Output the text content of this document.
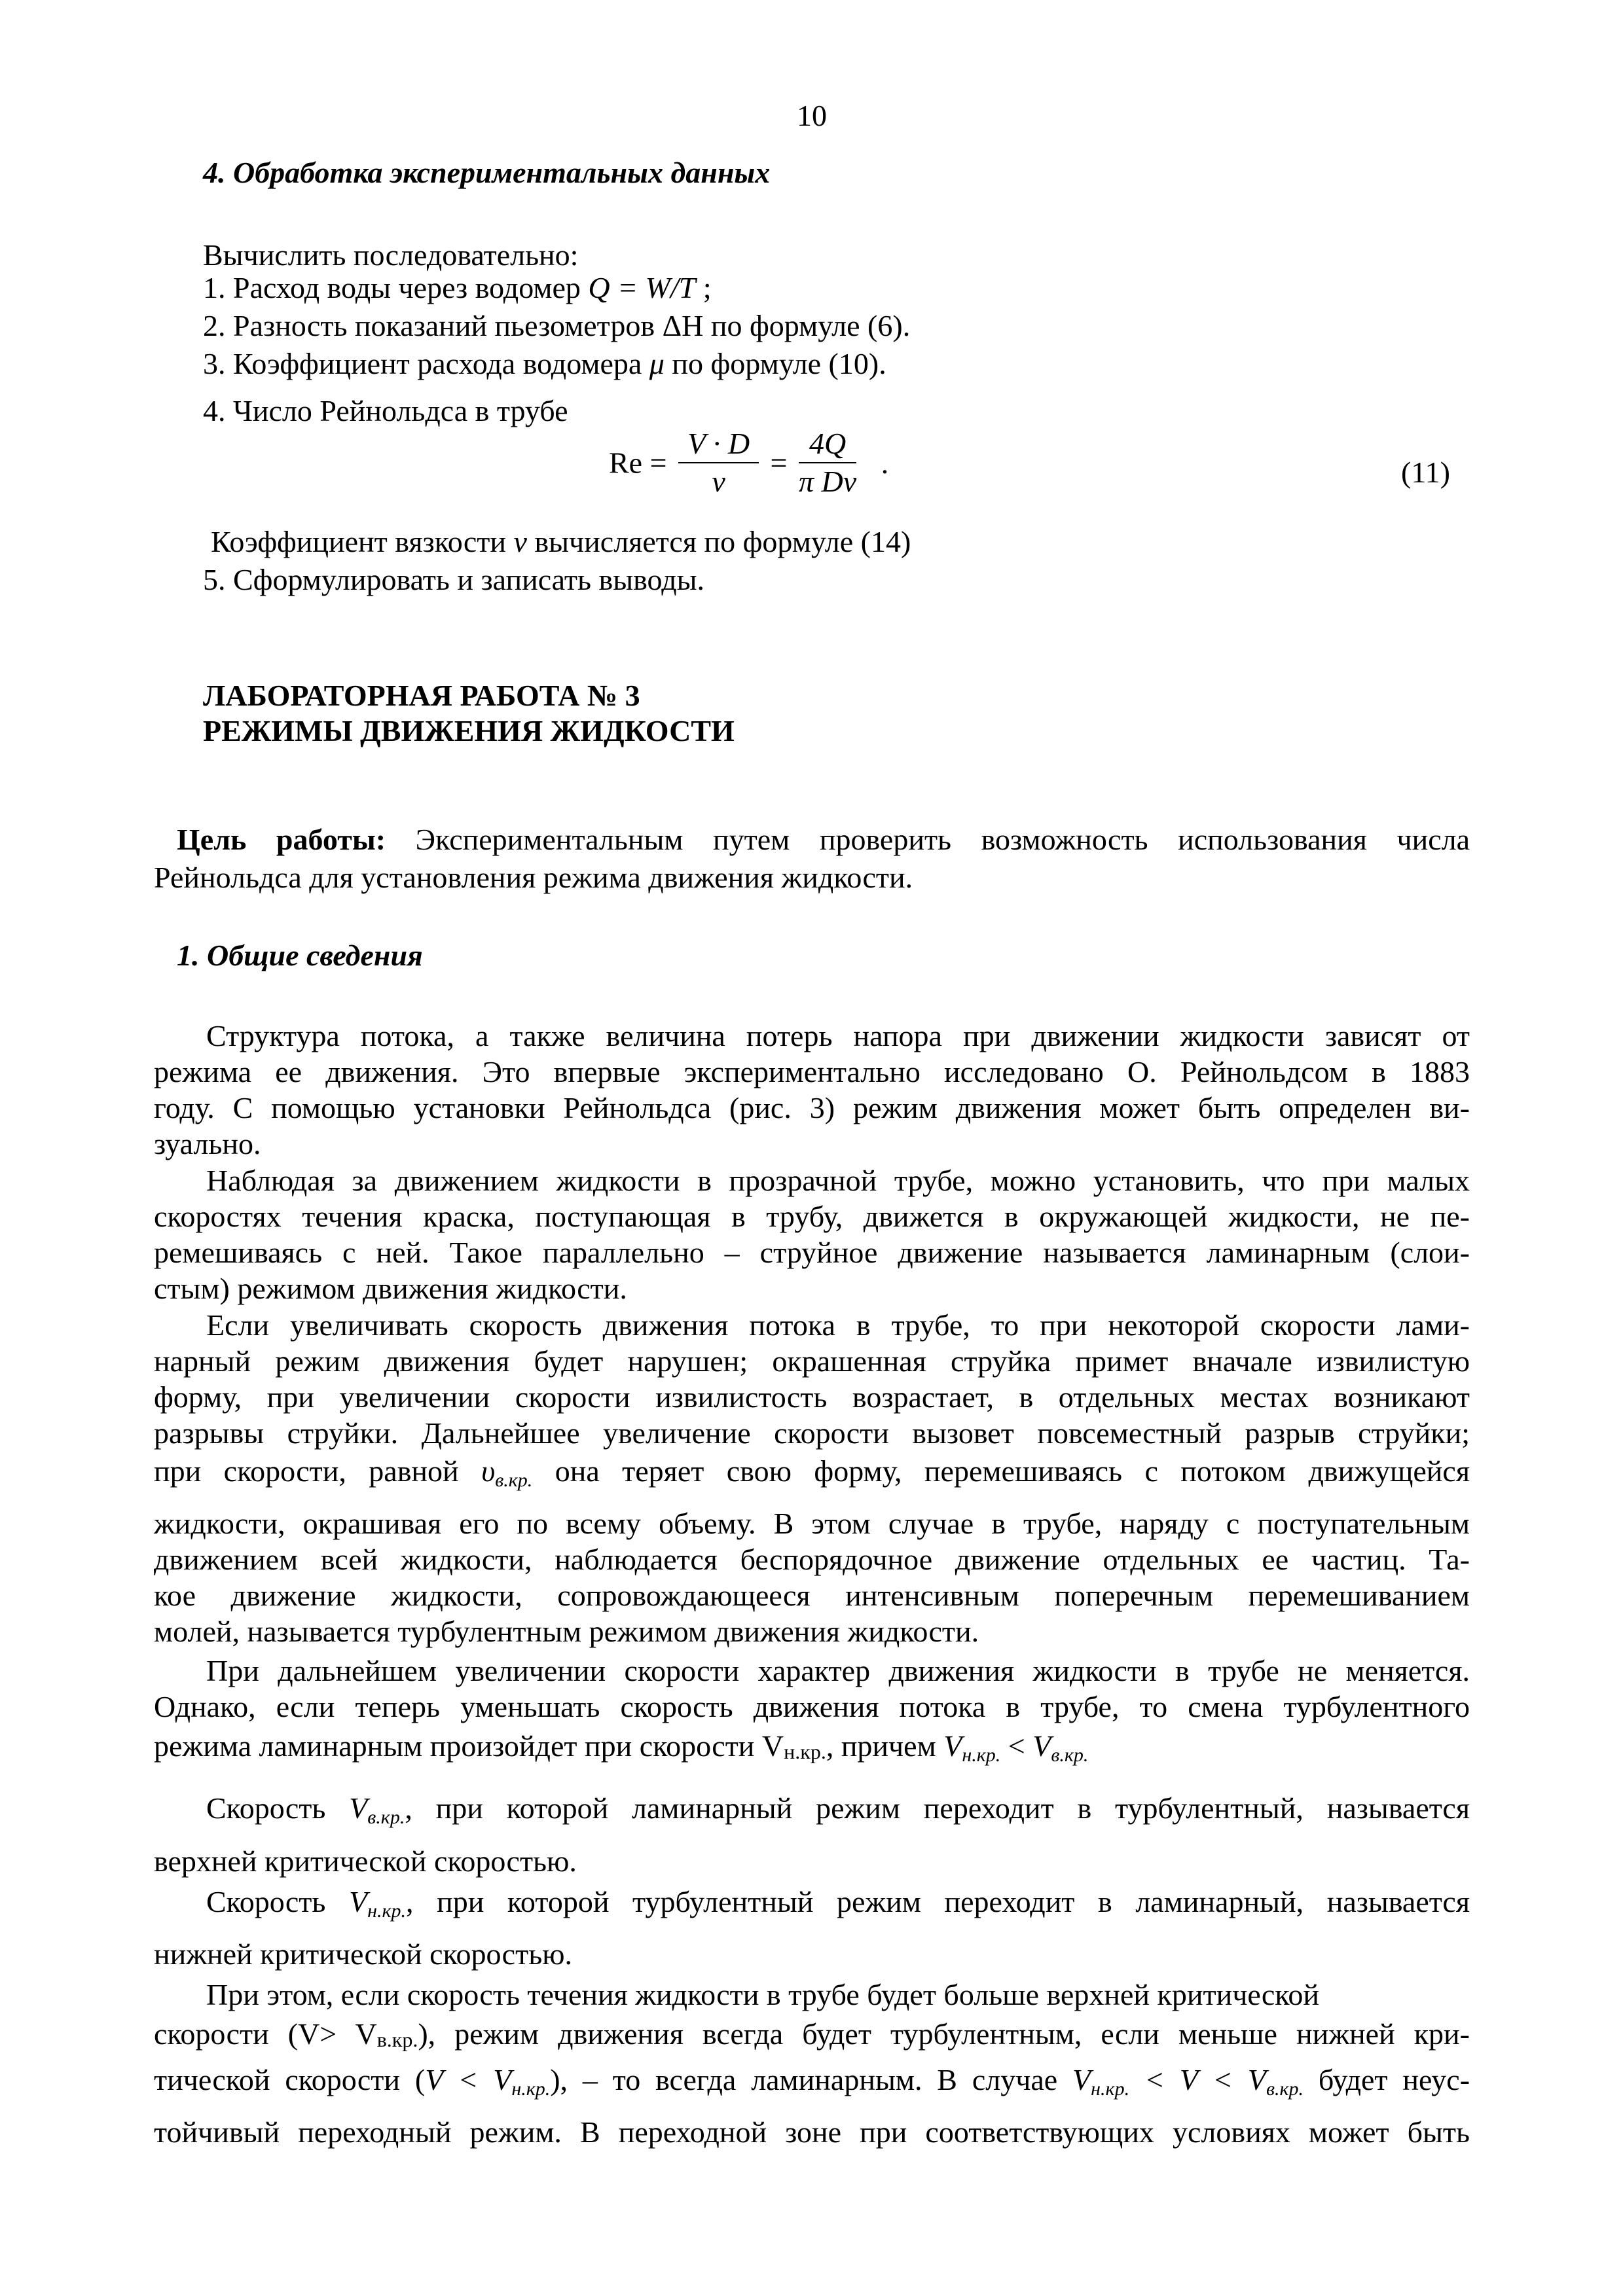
10
4. Обработка экспериментальных данных
Вычислить последовательно:
1. Расход воды через водомер Q = W/T ;
2. Разность показаний пьезометров ΔH по формуле (6).
3. Коэффициент расхода водомера μ по формуле (10).
4. Число Рейнольдса в трубе
$Re = \frac{V \cdot D}{\nu} = \frac{4Q}{\text{π Dν}}$ .	(11)
Коэффициент вязкости ν вычисляется по формуле (14)
5. Сформулировать и записать выводы.
ЛАБОРАТОРНАЯ РАБОТА № 3
РЕЖИМЫ ДВИЖЕНИЯ ЖИДКОСТИ
Цель работы: Экспериментальным путем проверить возможность использования числа
Рейнольдса для установления режима движения жидкости.
1. Общие сведения
Структура потока, а также величина потерь напора при движении жидкости зависят от
режима ее движения. Это впервые экспериментально исследовано О. Рейнольдсом в 1883
году. С помощью установки Рейнольдса (рис. 3) режим движения может быть определен ви-
зуально.
Наблюдая за движением жидкости в прозрачной трубе, можно установить, что при малых
скоростях течения краска, поступающая в трубу, движется в окружающей жидкости, не пе-
ремешиваясь с ней. Такое параллельно – струйное движение называется ламинарным (слои-
стым) режимом движения жидкости.
Если увеличивать скорость движения потока в трубе, то при некоторой скорости лами-
нарный режим движения будет нарушен; окрашенная струйка примет вначале извилистую
форму, при увеличении скорости извилистость возрастает, в отдельных местах возникают
разрывы струйки. Дальнейшее увеличение скорости вызовет повсеместный разрыв струйки;
при скорости, равной $\upsilon_{в.кр.}$ она теряет свою форму, перемешиваясь с потоком движущейся
жидкости, окрашивая его по всему объему. В этом случае в трубе, наряду с поступательным
движением всей жидкости, наблюдается беспорядочное движение отдельных ее частиц. Та-
кое движение жидкости, сопровождающееся интенсивным поперечным перемешиванием
молей, называется турбулентным режимом движения жидкости.
При дальнейшем увеличении скорости характер движения жидкости в трубе не меняется.
Однако, если теперь уменьшать скорость движения потока в трубе, то смена турбулентного
режима ламинарным произойдет при скорости Vн.кр., причем $V_{н.кр.} < V_{в.кр.}$
Скорость $V_{в.кр.}$, при которой ламинарный режим переходит в турбулентный, называется
верхней критической скоростью.
Скорость $V_{н.кр.}$, при которой турбулентный режим переходит в ламинарный, называется
нижней критической скоростью.
При этом, если скорость течения жидкости в трубе будет больше верхней критической
скорости (V> Vв.кр.), режим движения всегда будет турбулентным, если меньше нижней кри-
тической скорости $(V < V_{н.кр.})$, – то всегда ламинарным. В случае $V_{н.кр.} < V < V_{в.кр.}$ будет неус-
тойчивый переходный режим. В переходной зоне при соответствующих условиях может быть
